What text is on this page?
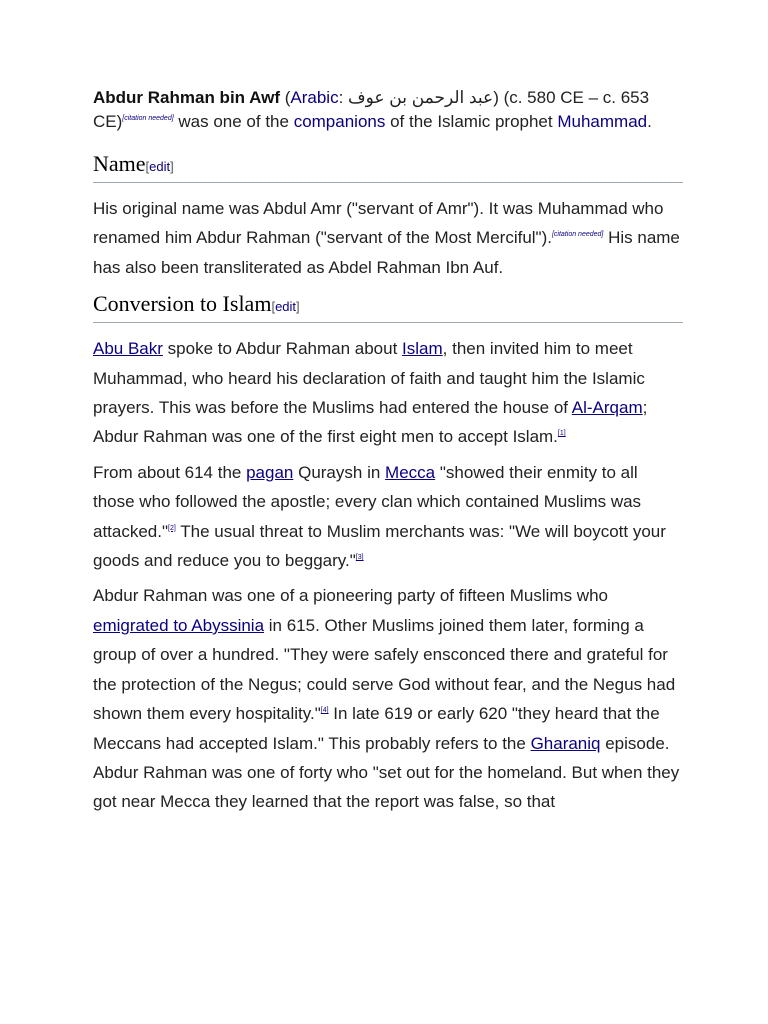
Abdur Rahman bin Awf (Arabic: عبد الرحمن بن عوف) (c. 580 CE – c. 653 CE)[citation needed] was one of the companions of the Islamic prophet Muhammad.

Name[edit]

His original name was Abdul Amr ("servant of Amr"). It was Muhammad who renamed him Abdur Rahman ("servant of the Most Merciful").[citation needed] His name has also been transliterated as Abdel Rahman Ibn Auf.

Conversion to Islam[edit]

Abu Bakr spoke to Abdur Rahman about Islam, then invited him to meet Muhammad, who heard his declaration of faith and taught him the Islamic prayers. This was before the Muslims had entered the house of Al-Arqam; Abdur Rahman was one of the first eight men to accept Islam.[1]

From about 614 the pagan Quraysh in Mecca "showed their enmity to all those who followed the apostle; every clan which contained Muslims was attacked."[2] The usual threat to Muslim merchants was: "We will boycott your goods and reduce you to beggary."[3]

Abdur Rahman was one of a pioneering party of fifteen Muslims who emigrated to Abyssinia in 615. Other Muslims joined them later, forming a group of over a hundred. "They were safely ensconced there and grateful for the protection of the Negus; could serve God without fear, and the Negus had shown them every hospitality."[4] In late 619 or early 620 "they heard that the Meccans had accepted Islam." This probably refers to the Gharaniq episode. Abdur Rahman was one of forty who "set out for the homeland. But when they got near Mecca they learned that the report was false, so that
